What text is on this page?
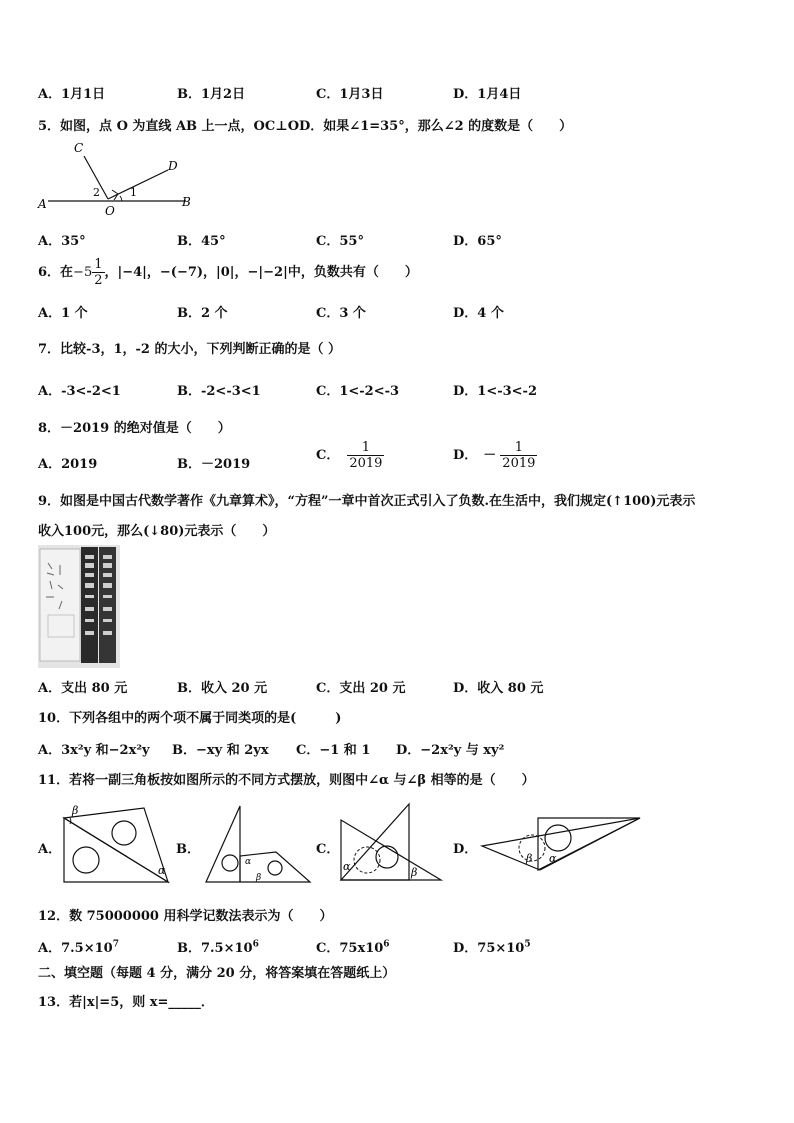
A．1月1日	B．1月2日	C．1月3日	D．1月4日
5．如图，点 O 为直线 AB 上一点，OC⊥OD．如果∠1=35°，那么∠2 的度数是（　　）
C
D
A	B
O
2	1
A．35°	B．45°	C．55°	D．65°
6．在$-5 \frac{1}{2}$ ，|−4|，−(−7)，|0|，−|−2|中，负数共有（　　）
A．1 个	B．2 个	C．3 个	D．4 个
7．比较-3，1，-2 的大小，下列判断正确的是（ ）
A．-3<-2<1	B．-2<-3<1	C．1<-2<-3	D．1<-3<-2
8．－2019 的绝对值是（　　）
A．2019	B．－2019
C． $\frac{1}{2019}$	D． － $\frac{1}{2019}$
9．如图是中国古代数学著作《九章算术》，“方程”一章中首次正式引入了负数.在生活中，我们规定(↑100)元表示
收入100元，那么(↓80)元表示（　　）
A．支出 80 元	B．收入 20 元	C．支出 20 元	D．收入 80 元
10．下列各组中的两个项不属于同类项的是(　　　)
A．3x²y 和−2x²y B．−xy 和 2yx C．−1 和 1 D．−2x²y 与 xy²
11．若将一副三角板按如图所示的不同方式摆放，则图中∠α 与∠β 相等的是（　　）
A．
β
α
B．
α
β
C．
α	β
D．
β α
12．数 75000000 用科学记数法表示为（　　）
A．$7.5\times 10^7$	B．$7.5\times 10^6$	C．$75x10^6$	D．$75\times 10^5$
二、填空题（每题 4 分，满分 20 分，将答案填在答题纸上）
13．若|x|=5，则 x=_____．
